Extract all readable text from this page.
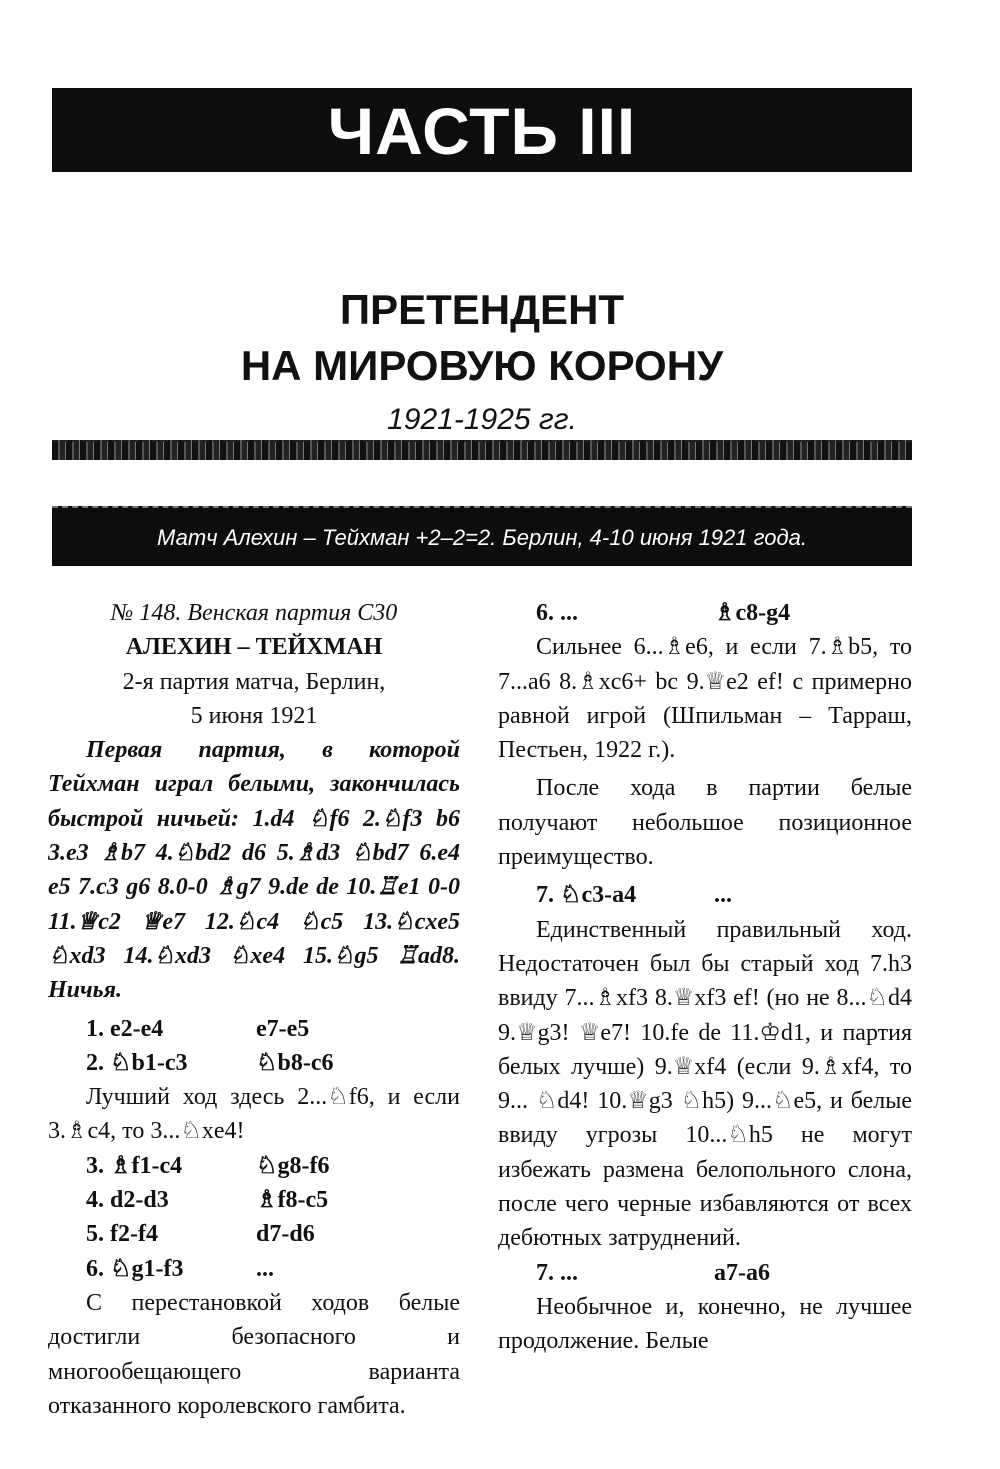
ЧАСТЬ III
ПРЕТЕНДЕНТ
НА МИРОВУЮ КОРОНУ
1921-1925 гг.
Матч Алехин – Тейхман +2–2=2. Берлин, 4-10 июня 1921 года.

№ 148. Венская партия С30

АЛЕХИН – ТЕЙХМАН

2-я партия матча, Берлин,

5 июня 1921

Первая партия, в которой Тейхман играл белыми, закончилась быстрой ничьей: 1.d4 ♘f6 2.♘f3 b6 3.e3 ♗b7 4.♘bd2 d6 5.♗d3 ♘bd7 6.e4 e5 7.c3 g6 8.0-0 ♗g7 9.de de 10.♖e1 0-0 11.♕c2 ♕e7 12.♘c4 ♘c5 13.♘cxe5 ♘xd3 14.♘xd3 ♘xe4 15.♘g5 ♖ad8. Ничья.

1. e2-e4	e7-e5

2. ♘b1-c3	♘b8-c6

Лучший ход здесь 2...♘f6, и если 3.♗c4, то 3...♘xe4!

3. ♗f1-c4	♘g8-f6

4. d2-d3	♗f8-c5

5. f2-f4	d7-d6

6. ♘g1-f3	...

С перестановкой ходов белые достигли безопасного и многообещающего варианта отказанного королевского гамбита.

6. ...	♗c8-g4

Сильнее 6...♗e6, и если 7.♗b5, то 7...a6 8.♗xc6+ bc 9.♕e2 ef! с примерно равной игрой (Шпильман – Тарраш, Пестьен, 1922 г.).

После хода в партии белые получают небольшое позиционное преимущество.

7. ♘c3-a4	...

Единственный правильный ход. Недостаточен был бы старый ход 7.h3 ввиду 7...♗xf3 8.♕xf3 ef! (но не 8...♘d4 9.♕g3! ♕e7! 10.fe de 11.♔d1, и партия белых лучше) 9.♕xf4 (если 9.♗xf4, то 9... ♘d4! 10.♕g3 ♘h5) 9...♘e5, и белые ввиду угрозы 10...♘h5 не могут избежать размена белопольного слона, после чего черные избавляются от всех дебютных затруднений.

7. ...	a7-a6

Необычное и, конечно, не лучшее продолжение. Белые
